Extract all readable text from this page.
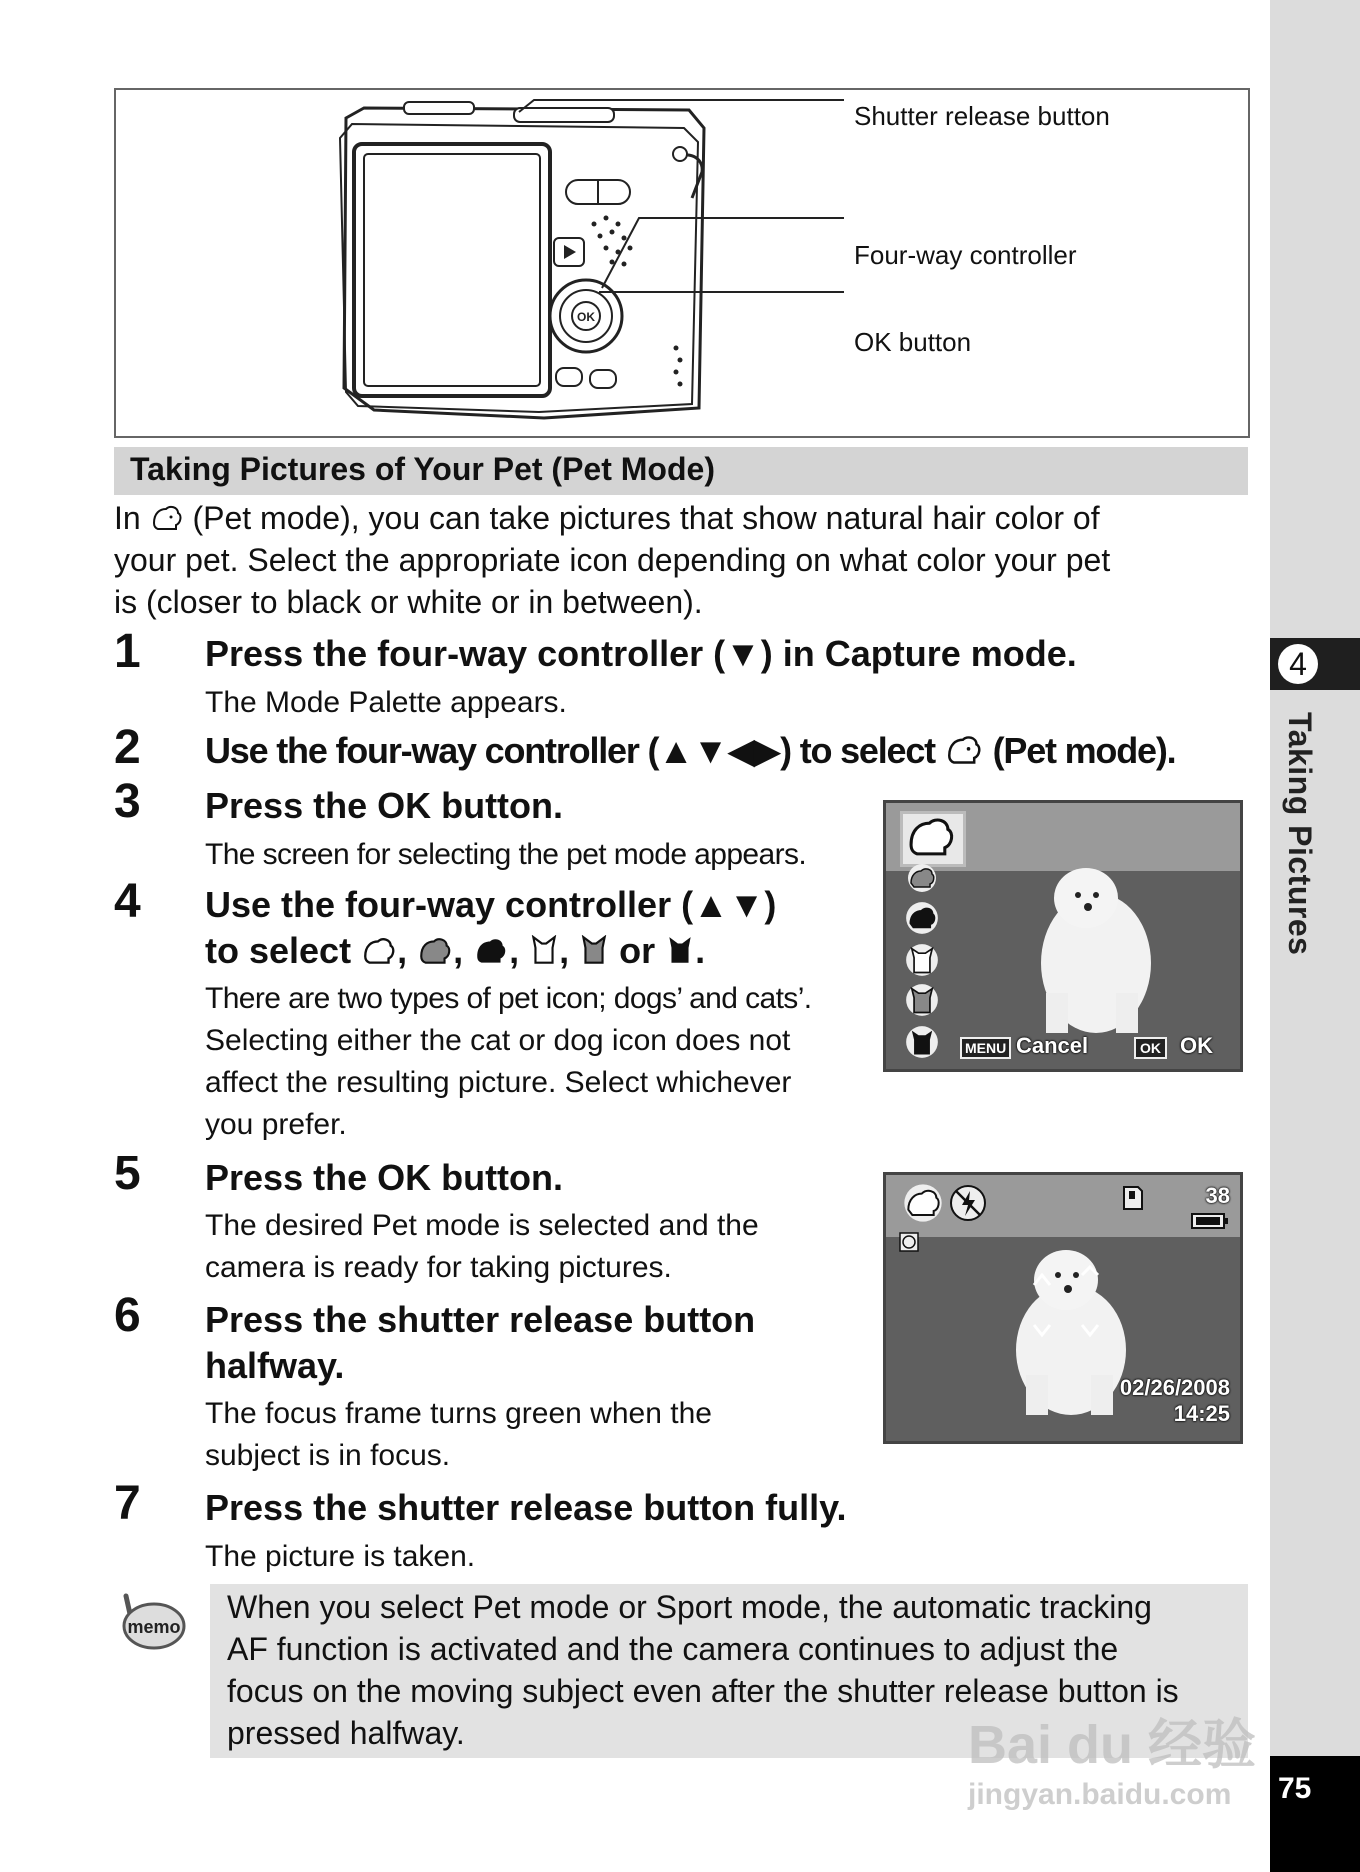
4
Taking Pictures
75
OK
Shutter release button
Four-way controller
OK button
Taking Pictures of Your Pet (Pet Mode)
In (Pet mode), you can take pictures that show natural hair color of
your pet. Select the appropriate icon depending on what color your pet
is (closer to black or white or in between).
1 Press the four-way controller (▼) in Capture mode.
The Mode Palette appears.
2 Use the four-way controller (▲▼◀▶) to select (Pet mode).
3 Press the OK button.
The screen for selecting the pet mode appears.
4 Use the four-way controller (▲▼)
to select , , , ,  or .
There are two types of pet icon; dogs’ and cats’.
Selecting either the cat or dog icon does not
affect the resulting picture. Select whichever
you prefer.
5 Press the OK button.
The desired Pet mode is selected and the
camera is ready for taking pictures.
6 Press the shutter release button
halfway.
The focus frame turns green when the
subject is in focus.
7 Press the shutter release button fully.
The picture is taken.
MENU Cancel	OK OK
38
02/26/2008
14:25
memo
When you select Pet mode or Sport mode, the automatic tracking
AF function is activated and the camera continues to adjust the
focus on the moving subject even after the shutter release button is
pressed halfway.	Bai du 经验
jingyan.baidu.com
